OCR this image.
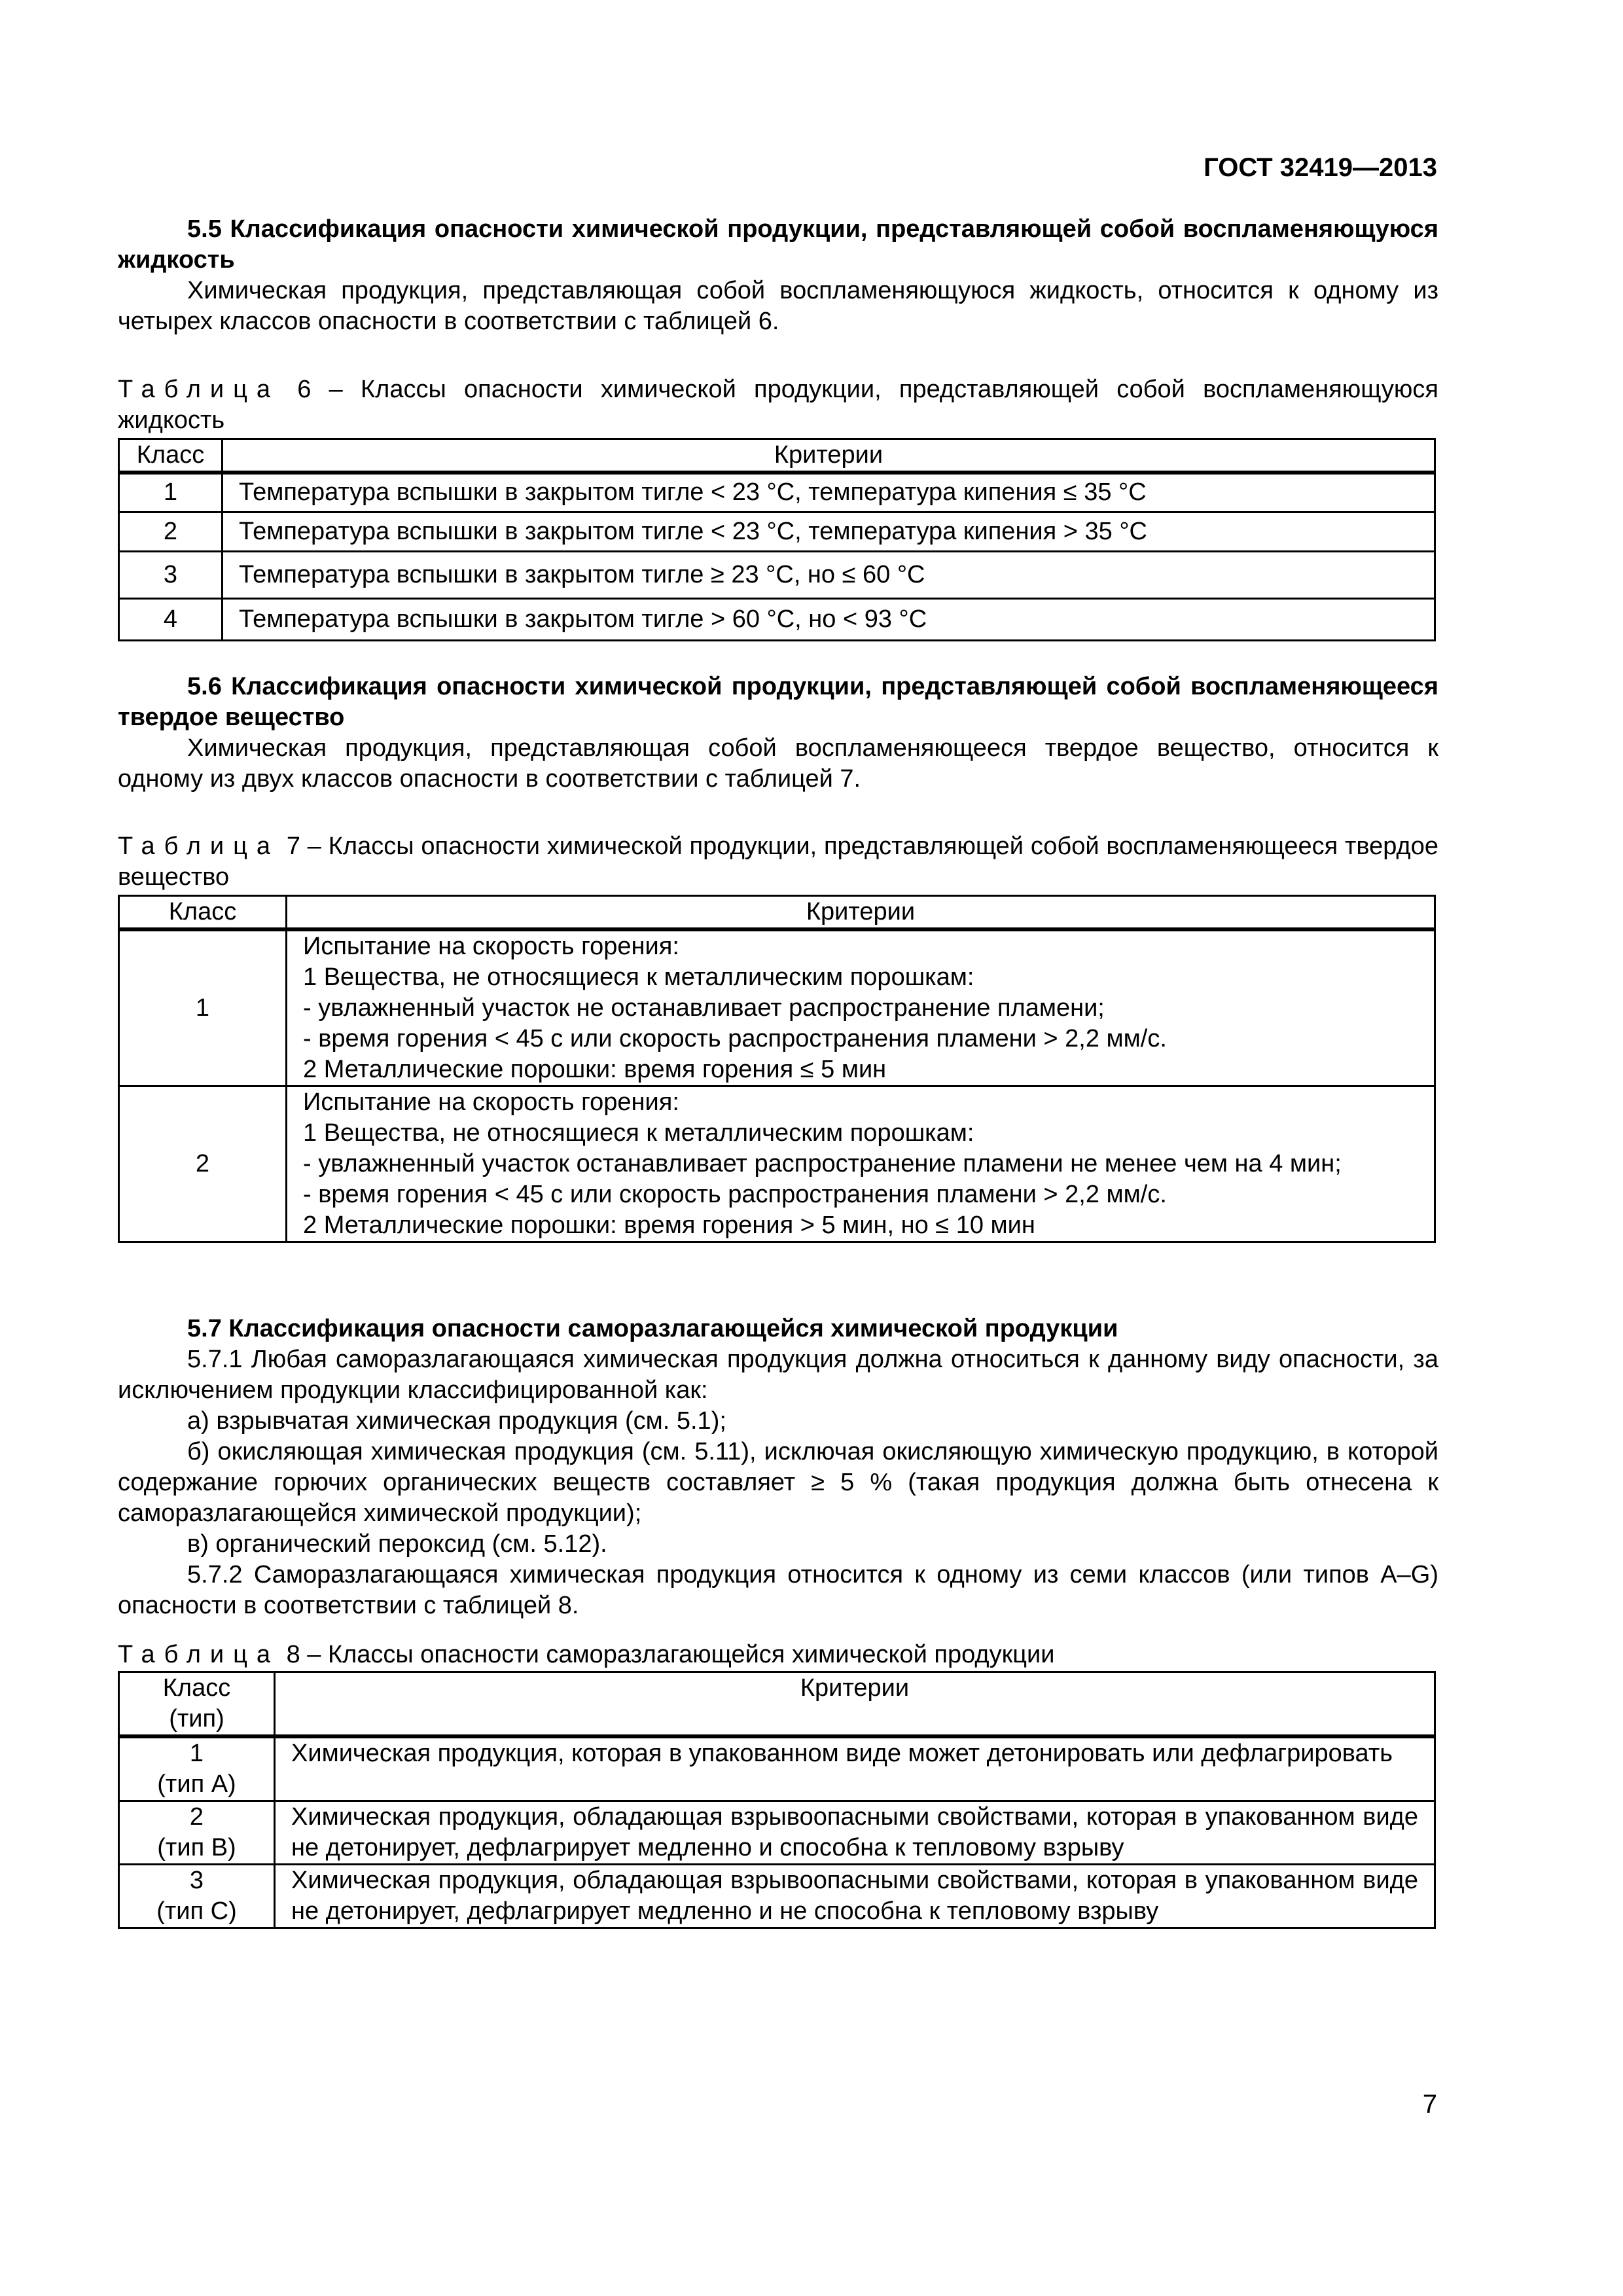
ГОСТ 32419—2013

5.5 Классификация опасности химической продукции, представляющей собой воспламеняющуюся жидкость

Химическая продукция, представляющая собой воспламеняющуюся жидкость, относится к одному из четырех классов опасности в соответствии с таблицей 6.

Таблица 6 – Классы опасности химической продукции, представляющей собой воспламеняющуюся жидкость
Класс	Критерии
1	Температура вспышки в закрытом тигле < 23 °С, температура кипения ≤ 35 °С
2	Температура вспышки в закрытом тигле < 23 °С, температура кипения > 35 °С
3	Температура вспышки в закрытом тигле ≥ 23 °С, но ≤ 60 °С
4	Температура вспышки в закрытом тигле > 60 °С, но < 93 °С

5.6 Классификация опасности химической продукции, представляющей собой воспламеняющееся твердое вещество

Химическая продукция, представляющая собой воспламеняющееся твердое вещество, относится к одному из двух классов опасности в соответствии с таблицей 7.

Таблица 7 – Классы опасности химической продукции, представляющей собой воспламеняющееся твердое вещество
Класс	Критерии
1	Испытание на скорость горения:

1 Вещества, не относящиеся к металлическим порошкам:

- увлажненный участок не останавливает распространение пламени;

- время горения < 45 с или скорость распространения пламени > 2,2 мм/с.

2 Металлические порошки: время горения ≤ 5 мин

2	Испытание на скорость горения:

1 Вещества, не относящиеся к металлическим порошкам:

- увлажненный участок останавливает распространение пламени не менее чем на 4 мин;

- время горения < 45 с или скорость распространения пламени > 2,2 мм/с.

2 Металлические порошки: время горения > 5 мин, но ≤ 10 мин

5.7 Классификация опасности саморазлагающейся химической продукции

5.7.1 Любая саморазлагающаяся химическая продукция должна относиться к данному виду опасности, за исключением продукции классифицированной как:

а) взрывчатая химическая продукция (см. 5.1);

б) окисляющая химическая продукция (см. 5.11), исключая окисляющую химическую продукцию, в которой содержание горючих органических веществ составляет ≥ 5 % (такая продукция должна быть отнесена к саморазлагающейся химической продукции);

в) органический пероксид (см. 5.12).

5.7.2 Саморазлагающаяся химическая продукция относится к одному из семи классов (или типов A–G) опасности в соответствии с таблицей 8.

Таблица 8 – Классы опасности саморазлагающейся химической продукции

Класс

(тип)	Критерии

1

(тип A)	Химическая продукция, которая в упакованном виде может детонировать или дефлагрировать

2

(тип B)	Химическая продукция, обладающая взрывоопасными свойствами, которая в упакованном виде не детонирует, дефлагрирует медленно и способна к тепловому взрыву

3

(тип C)	Химическая продукция, обладающая взрывоопасными свойствами, которая в упакованном виде не детонирует, дефлагрирует медленно и не способна к тепловому взрыву
7
